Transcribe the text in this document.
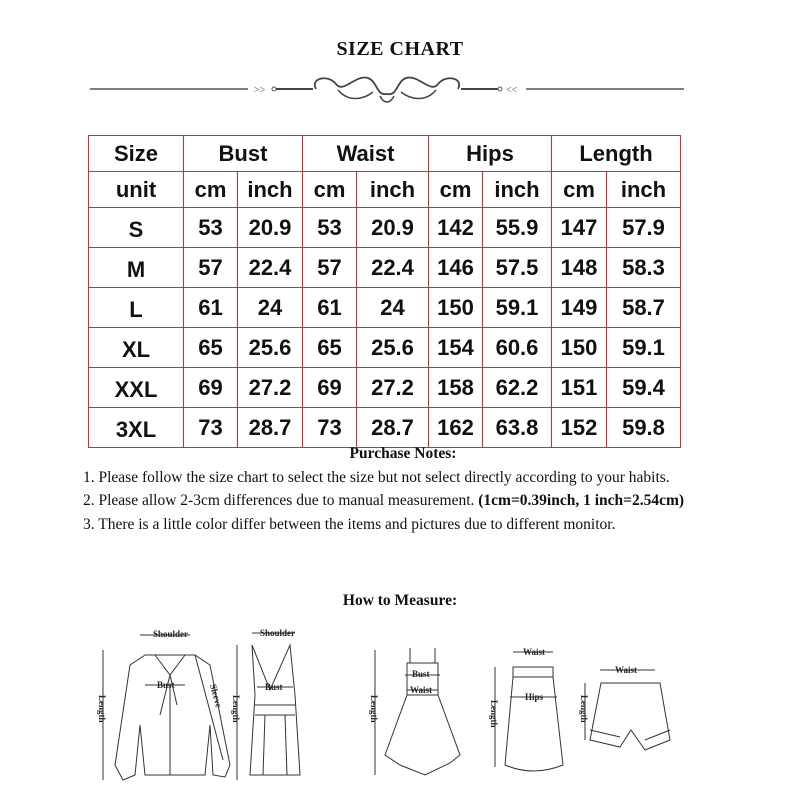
SIZE CHART
>>	<<
Size	Bust		Waist		Hips		Length	
unit	cm	inch	cm	inch	cm	inch	cm	inch
S	53	20.9	53	20.9	142	55.9	147	57.9
M	57	22.4	57	22.4	146	57.5	148	58.3
L	61	24	61	24	150	59.1	149	58.7
XL	65	25.6	65	25.6	154	60.6	150	59.1
XXL	69	27.2	69	27.2	158	62.2	151	59.4
3XL	73	28.7	73	28.7	162	63.8	152	59.8
Purchase Notes:

1. Please follow the size chart to select the size but not select directly according to your habits.

2. Please allow 2-3cm differences due to manual measurement. (1cm=0.39inch, 1 inch=2.54cm)

3. There is a little color differ between the items and pictures due to different monitor.

How to Measure:
Shoulder
Bust
Length	Sleeve
Shoulder
Bust
Length
Bust
Waist
Length
Waist
Hips
Length
Waist
Length
